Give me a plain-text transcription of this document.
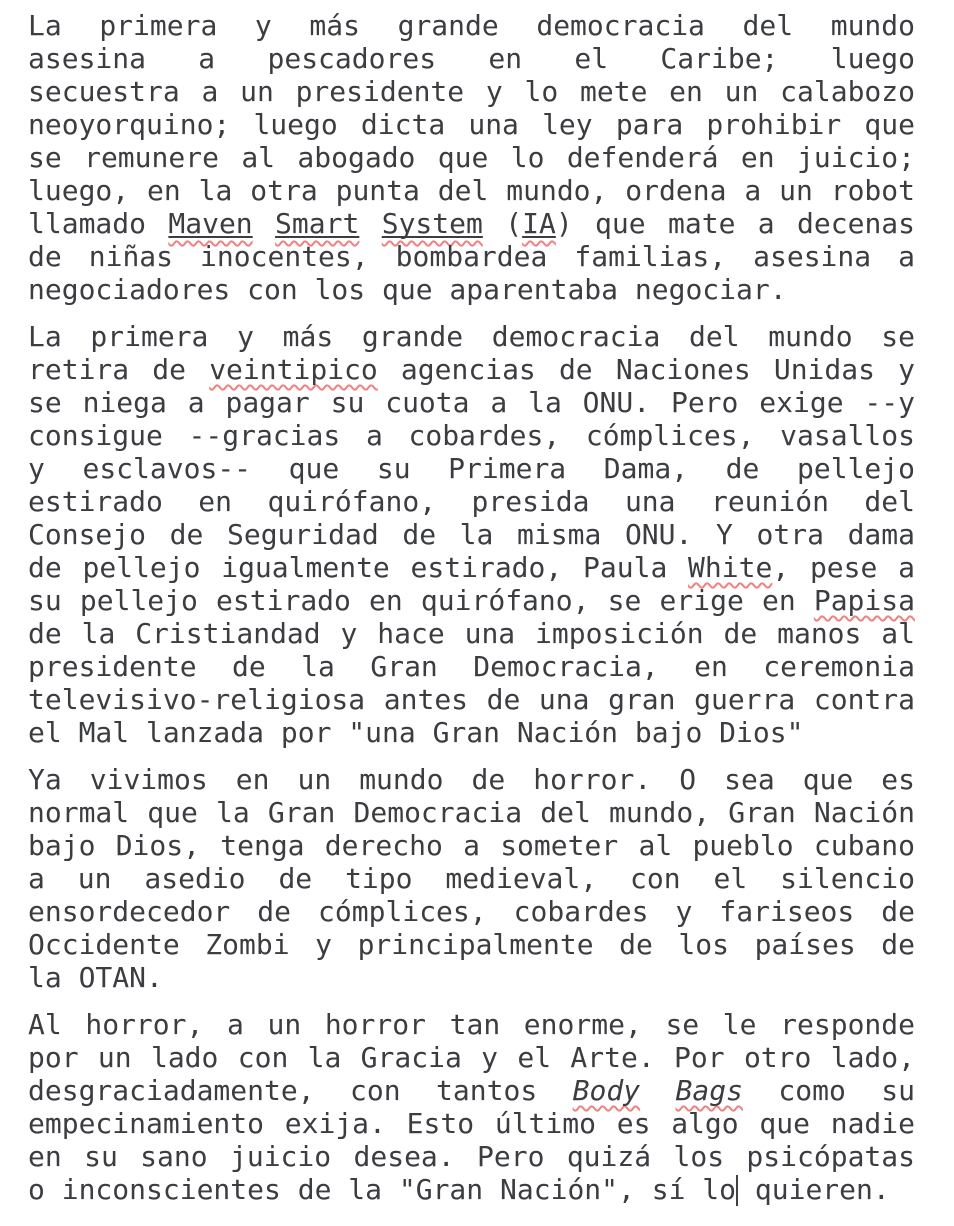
La primera y más grande democracia del mundo
asesina a pescadores en el Caribe; luego
secuestra a un presidente y lo mete en un calabozo
neoyorquino; luego dicta una ley para prohibir que
se remunere al abogado que lo defenderá en juicio;
luego, en la otra punta del mundo, ordena a un robot
llamado Maven Smart System (IA) que mate a decenas
de niñas inocentes, bombardea familias, asesina a
negociadores con los que aparentaba negociar.
La primera y más grande democracia del mundo se
retira de veintipico agencias de Naciones Unidas y
se niega a pagar su cuota a la ONU. Pero exige --y
consigue --gracias a cobardes, cómplices, vasallos
y esclavos-- que su Primera Dama, de pellejo
estirado en quirófano, presida una reunión del
Consejo de Seguridad de la misma ONU. Y otra dama
de pellejo igualmente estirado, Paula White, pese a
su pellejo estirado en quirófano, se erige en Papisa
de la Cristiandad y hace una imposición de manos al
presidente de la Gran Democracia, en ceremonia
televisivo-religiosa antes de una gran guerra contra
el Mal lanzada por "una Gran Nación bajo Dios"
Ya vivimos en un mundo de horror. O sea que es
normal que la Gran Democracia del mundo, Gran Nación
bajo Dios, tenga derecho a someter al pueblo cubano
a un asedio de tipo medieval, con el silencio
ensordecedor de cómplices, cobardes y fariseos de
Occidente Zombi y principalmente de los países de
la OTAN.
Al horror, a un horror tan enorme, se le responde
por un lado con la Gracia y el Arte. Por otro lado,
desgraciadamente, con tantos Body Bags como su
empecinamiento exija. Esto último es algo que nadie
en su sano juicio desea. Pero quizá los psicópatas
o inconscientes de la "Gran Nación", sí lo quieren.
